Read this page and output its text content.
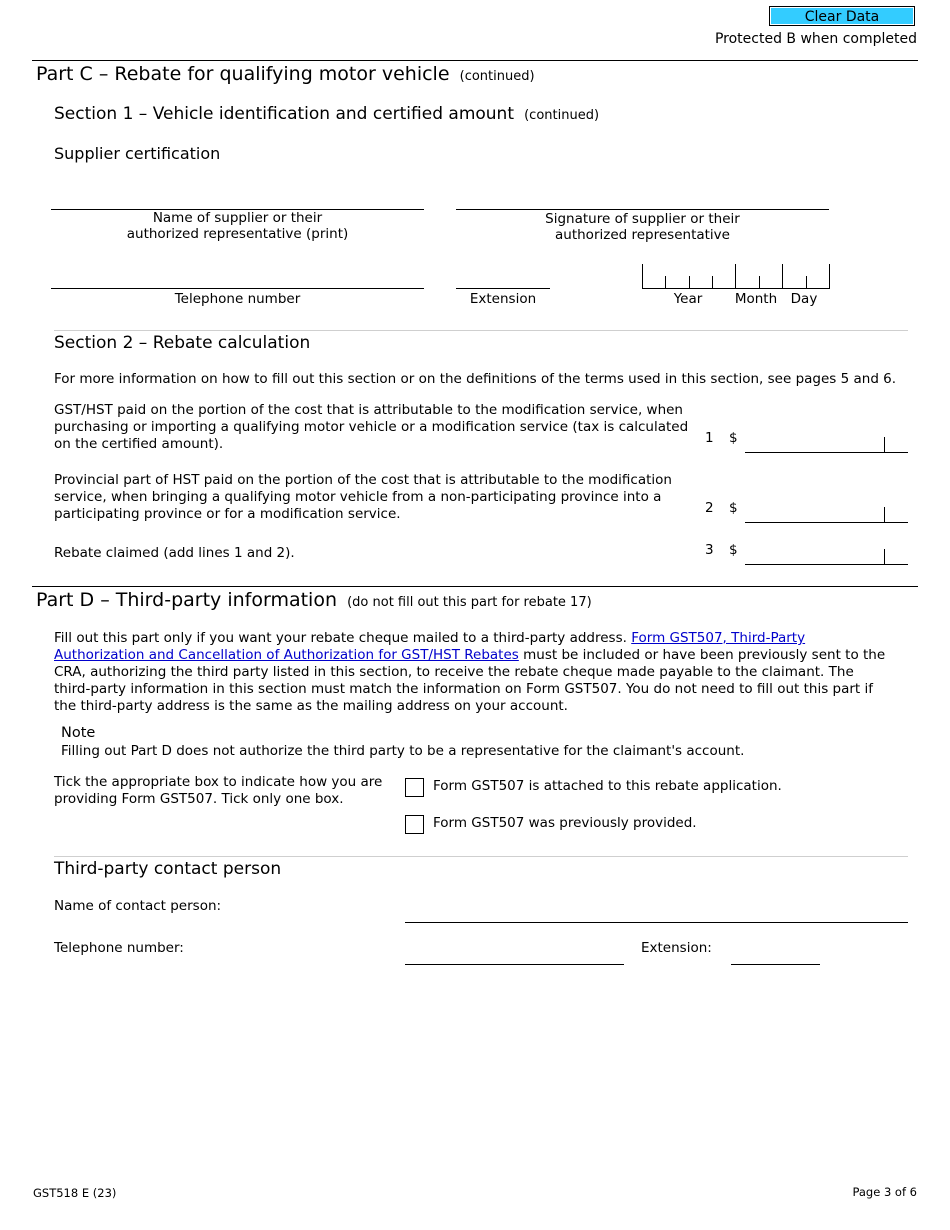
Clear Data
Protected B when completed
Part C – Rebate for qualifying motor vehicle (continued)
Section 1 – Vehicle identification and certified amount (continued)
Supplier certification
Name of supplier or their
authorized representative (print)
Signature of supplier or their
authorized representative
Telephone number	Extension	Year	Month	Day
Section 2 – Rebate calculation
For more information on how to fill out this section or on the definitions of the terms used in this section, see pages 5 and 6.
GST/HST paid on the portion of the cost that is attributable to the modification service, when purchasing or importing a qualifying motor vehicle or a modification service (tax is calculated on the certified amount).	1 $
Provincial part of HST paid on the portion of the cost that is attributable to the modification service, when bringing a qualifying motor vehicle from a non-participating province into a participating province or for a modification service.	2 $
Rebate claimed (add lines 1 and 2).	3 $
Part D – Third-party information (do not fill out this part for rebate 17)
Fill out this part only if you want your rebate cheque mailed to a third-party address. Form GST507, Third-Party Authorization and Cancellation of Authorization for GST/HST Rebates must be included or have been previously sent to the CRA, authorizing the third party listed in this section, to receive the rebate cheque made payable to the claimant. The third-party information in this section must match the information on Form GST507. You do not need to fill out this part if the third-party address is the same as the mailing address on your account.
Note
Filling out Part D does not authorize the third party to be a representative for the claimant's account.
Tick the appropriate box to indicate how you are providing Form GST507. Tick only one box.
Form GST507 is attached to this rebate application.
Form GST507 was previously provided.
Third-party contact person
Name of contact person:
Telephone number:	Extension:
GST518 E (23)	Page 3 of 6
